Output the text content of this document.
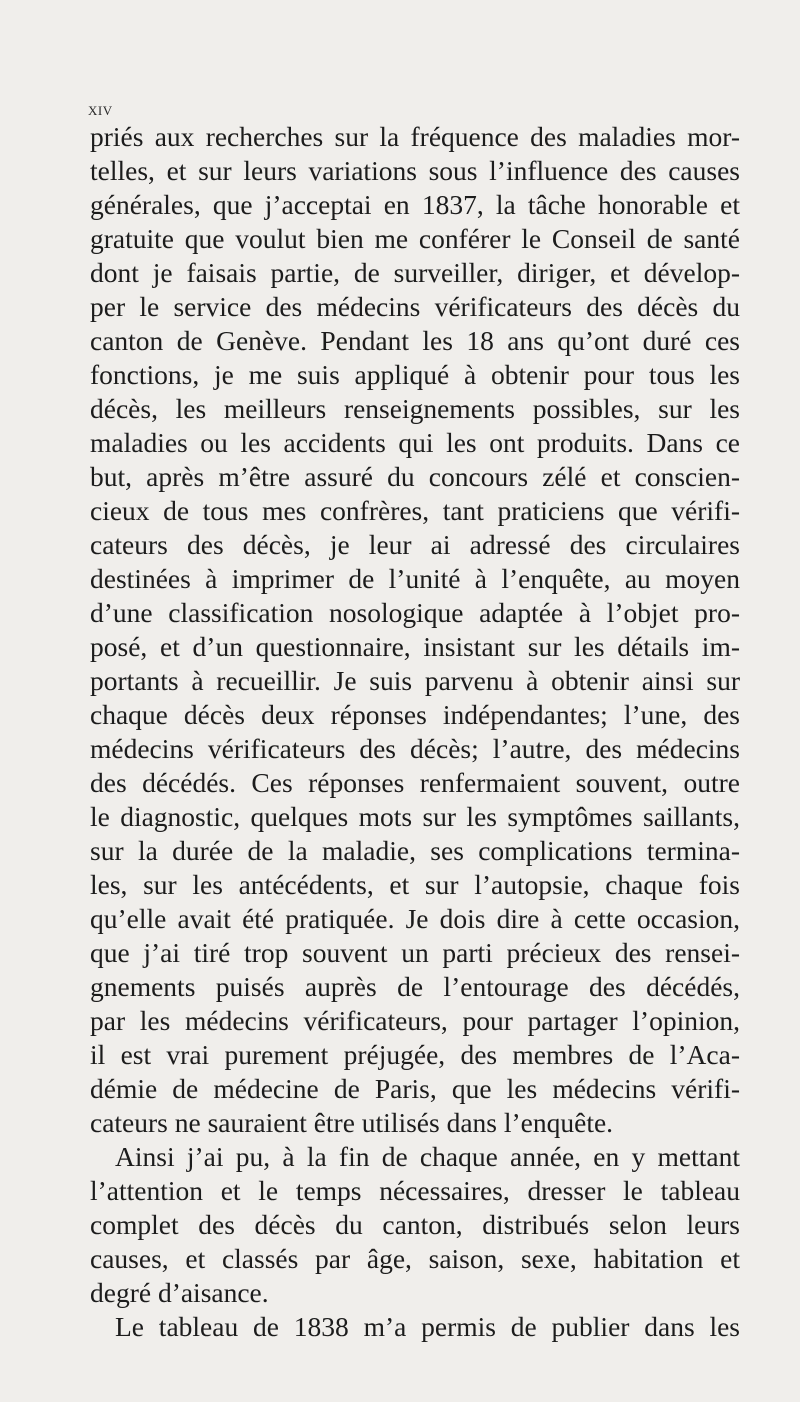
XIV
priés aux recherches sur la fréquence des maladies mor-
telles, et sur leurs variations sous l’influence des causes
générales, que j’acceptai en 1837, la tâche honorable et
gratuite que voulut bien me conférer le Conseil de santé
dont je faisais partie, de surveiller, diriger, et dévelop-
per le service des médecins vérificateurs des décès du
canton de Genève. Pendant les 18 ans qu’ont duré ces
fonctions, je me suis appliqué à obtenir pour tous les
décès, les meilleurs renseignements possibles, sur les
maladies ou les accidents qui les ont produits. Dans ce
but, après m’être assuré du concours zélé et conscien-
cieux de tous mes confrères, tant praticiens que vérifi-
cateurs des décès, je leur ai adressé des circulaires
destinées à imprimer de l’unité à l’enquête, au moyen
d’une classification nosologique adaptée à l’objet pro-
posé, et d’un questionnaire, insistant sur les détails im-
portants à recueillir. Je suis parvenu à obtenir ainsi sur
chaque décès deux réponses indépendantes; l’une, des
médecins vérificateurs des décès; l’autre, des médecins
des décédés. Ces réponses renfermaient souvent, outre
le diagnostic, quelques mots sur les symptômes saillants,
sur la durée de la maladie, ses complications termina-
les, sur les antécédents, et sur l’autopsie, chaque fois
qu’elle avait été pratiquée. Je dois dire à cette occasion,
que j’ai tiré trop souvent un parti précieux des rensei-
gnements puisés auprès de l’entourage des décédés,
par les médecins vérificateurs, pour partager l’opinion,
il est vrai purement préjugée, des membres de l’Aca-
démie de médecine de Paris, que les médecins vérifi-
cateurs ne sauraient être utilisés dans l’enquête.
Ainsi j’ai pu, à la fin de chaque année, en y mettant
l’attention et le temps nécessaires, dresser le tableau
complet des décès du canton, distribués selon leurs
causes, et classés par âge, saison, sexe, habitation et
degré d’aisance.
Le tableau de 1838 m’a permis de publier dans les
